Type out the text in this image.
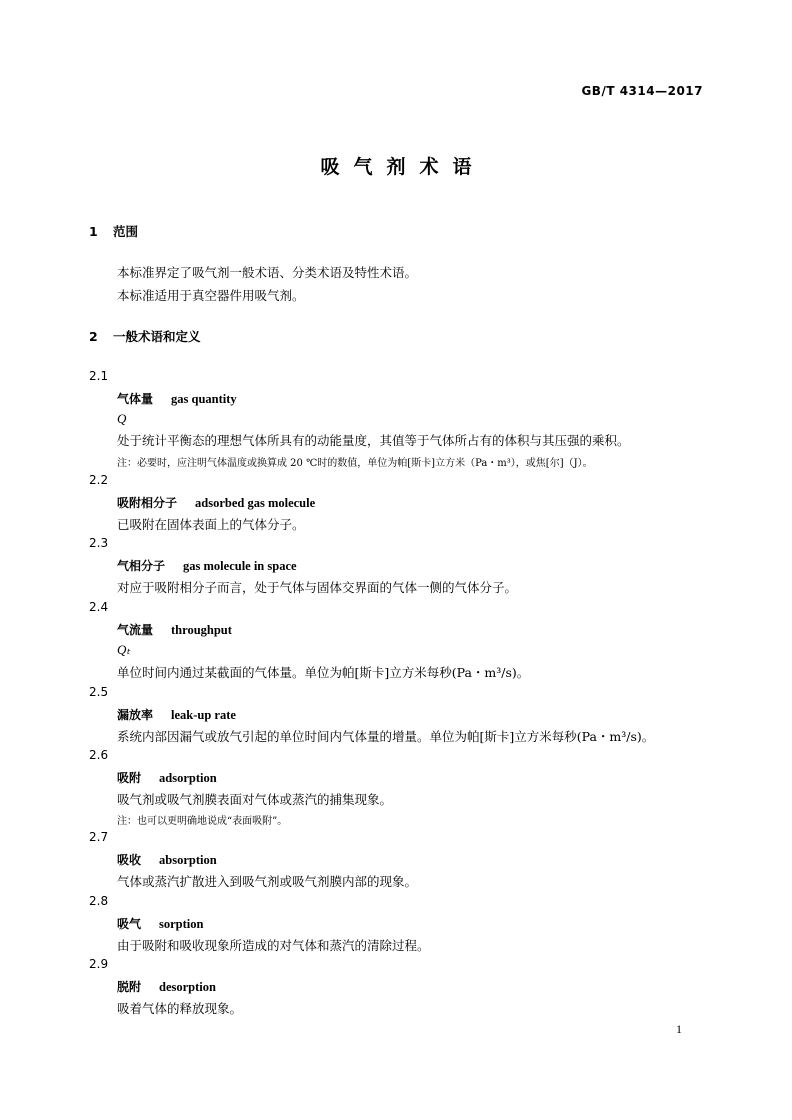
GB/T 4314—2017
吸气剂术语
1 范围
本标准界定了吸气剂一般术语、分类术语及特性术语。
本标准适用于真空器件用吸气剂。
2 一般术语和定义
2.1
气体量 gas quantity
Q
处于统计平衡态的理想气体所具有的动能量度，其值等于气体所占有的体积与其压强的乘积。
注：必要时，应注明气体温度或换算成 20 ℃时的数值，单位为帕[斯卡]立方米（Pa・m³），或焦[尔]（J）。
2.2
吸附相分子 adsorbed gas molecule
已吸附在固体表面上的气体分子。
2.3
气相分子 gas molecule in space
对应于吸附相分子而言，处于气体与固体交界面的气体一侧的气体分子。
2.4
气流量 throughput
Qₜ
单位时间内通过某截面的气体量。单位为帕[斯卡]立方米每秒(Pa・m³/s)。
2.5
漏放率 leak-up rate
系统内部因漏气或放气引起的单位时间内气体量的增量。单位为帕[斯卡]立方米每秒(Pa・m³/s)。
2.6
吸附 adsorption
吸气剂或吸气剂膜表面对气体或蒸汽的捕集现象。
注：也可以更明确地说成“表面吸附”。
2.7
吸收 absorption
气体或蒸汽扩散进入到吸气剂或吸气剂膜内部的现象。
2.8
吸气 sorption
由于吸附和吸收现象所造成的对气体和蒸汽的清除过程。
2.9
脱附 desorption
吸着气体的释放现象。
1
